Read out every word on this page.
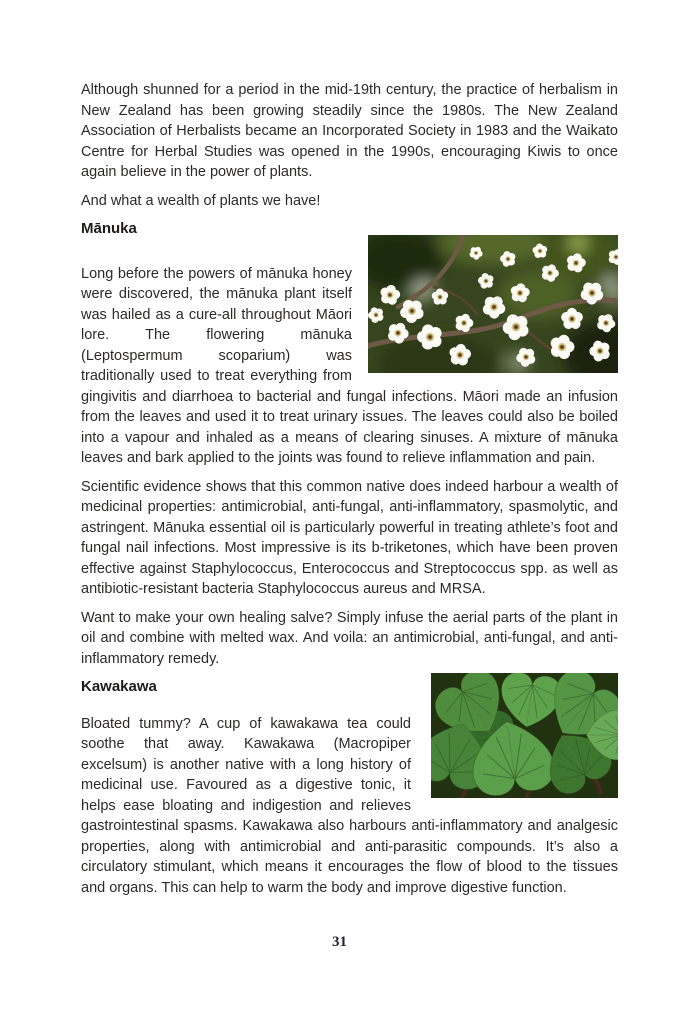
Although shunned for a period in the mid-19th century, the practice of herbalism in New Zealand has been growing steadily since the 1980s. The New Zealand Association of Herbalists became an Incorporated Society in 1983 and the Waikato Centre for Herbal Studies was opened in the 1990s, encouraging Kiwis to once again believe in the power of plants.

And what a wealth of plants we have!

Mānuka

Long before the powers of mānuka honey were discovered, the mānuka plant itself was hailed as a cure-all throughout Māori lore. The flowering mānuka (Leptospermum scoparium) was traditionally used to treat everything from gingivitis and diarrhoea to bacterial and fungal infections. Māori made an infusion from the leaves and used it to treat urinary issues. The leaves could also be boiled into a vapour and inhaled as a means of clearing sinuses. A mixture of mānuka leaves and bark applied to the joints was found to relieve inflammation and pain.

Scientific evidence shows that this common native does indeed harbour a wealth of medicinal properties: antimicrobial, anti-fungal, anti-inflammatory, spasmolytic, and astringent. Mānuka essential oil is particularly powerful in treating athlete’s foot and fungal nail infections. Most impressive is its b-triketones, which have been proven effective against Staphylococcus, Enterococcus and Streptococcus spp. as well as antibiotic-resistant bacteria Staphylococcus aureus and MRSA.

Want to make your own healing salve? Simply infuse the aerial parts of the plant in oil and combine with melted wax. And voila: an antimicrobial, anti-fungal, and anti-inflammatory remedy.

Kawakawa

Bloated tummy? A cup of kawakawa tea could soothe that away. Kawakawa (Macropiper excelsum) is another native with a long history of medicinal use. Favoured as a digestive tonic, it helps ease bloating and indigestion and relieves gastrointestinal spasms. Kawakawa also harbours anti-inflammatory and analgesic properties, along with antimicrobial and anti-parasitic compounds. It’s also a circulatory stimulant, which means it encourages the flow of blood to the tissues and organs. This can help to warm the body and improve digestive function.

31
